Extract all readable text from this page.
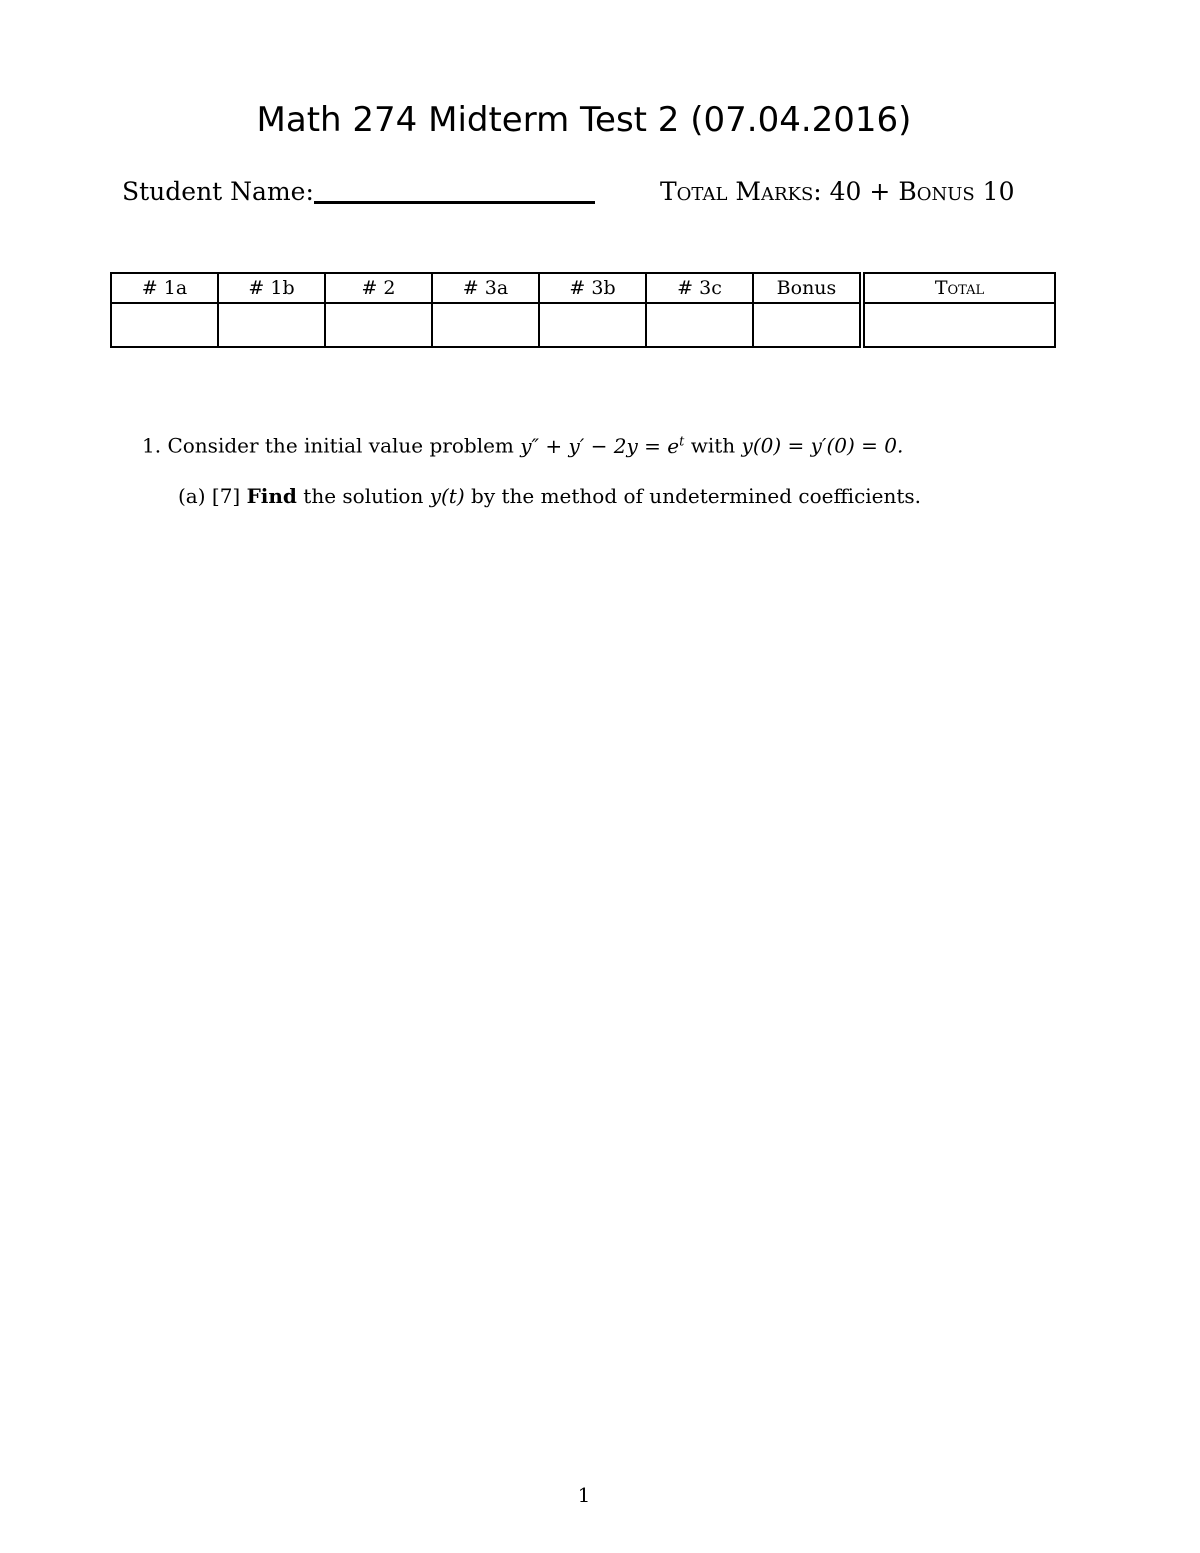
Math 274 Midterm Test 2 (07.04.2016)
Student Name:	Total Marks: 40 + Bonus 10
# 1a	# 1b	# 2	# 3a	# 3b	# 3c	Bonus	Total

1. Consider the initial value problem $y'' + y' - 2y = e^t$ with y(0) = y′(0) = 0.
(a) [7] Find the solution y(t) by the method of undetermined coefficients.
1
